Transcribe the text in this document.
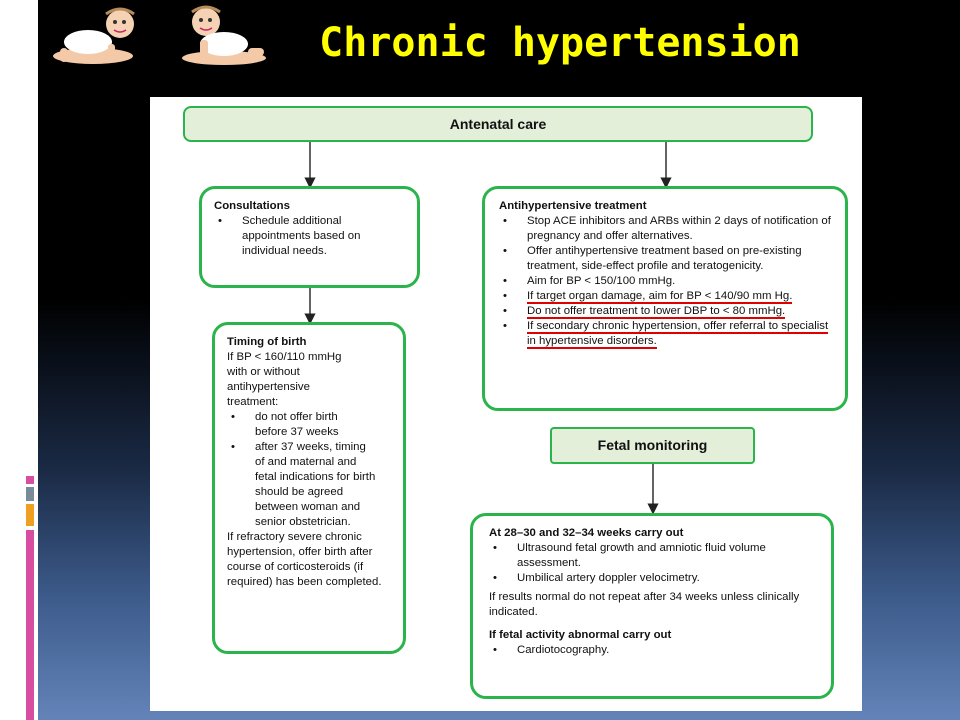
Chronic hypertension
Antenatal care
Consultations
• Schedule additional appointments based on individual needs.
Timing of birth
If BP < 160/110 mmHg with or without antihypertensive treatment:
• do not offer birth before 37 weeks
• after 37 weeks, timing of and maternal and fetal indications for birth should be agreed between woman and senior obstetrician.
If refractory severe chronic hypertension, offer birth after course of corticosteroids (if required) has been completed.
Antihypertensive treatment
• Stop ACE inhibitors and ARBs within 2 days of notification of pregnancy and offer alternatives.
• Offer antihypertensive treatment based on pre-existing treatment, side-effect profile and teratogenicity.
• Aim for BP < 150/100 mmHg.
• If target organ damage, aim for BP < 140/90 mm Hg.
• Do not offer treatment to lower DBP to < 80 mmHg.
• If secondary chronic hypertension, offer referral to specialist in hypertensive disorders.
Fetal monitoring
At 28–30 and 32–34 weeks carry out
• Ultrasound fetal growth and amniotic fluid volume assessment.
• Umbilical artery doppler velocimetry.
If results normal do not repeat after 34 weeks unless clinically indicated.
If fetal activity abnormal carry out
• Cardiotocography.
